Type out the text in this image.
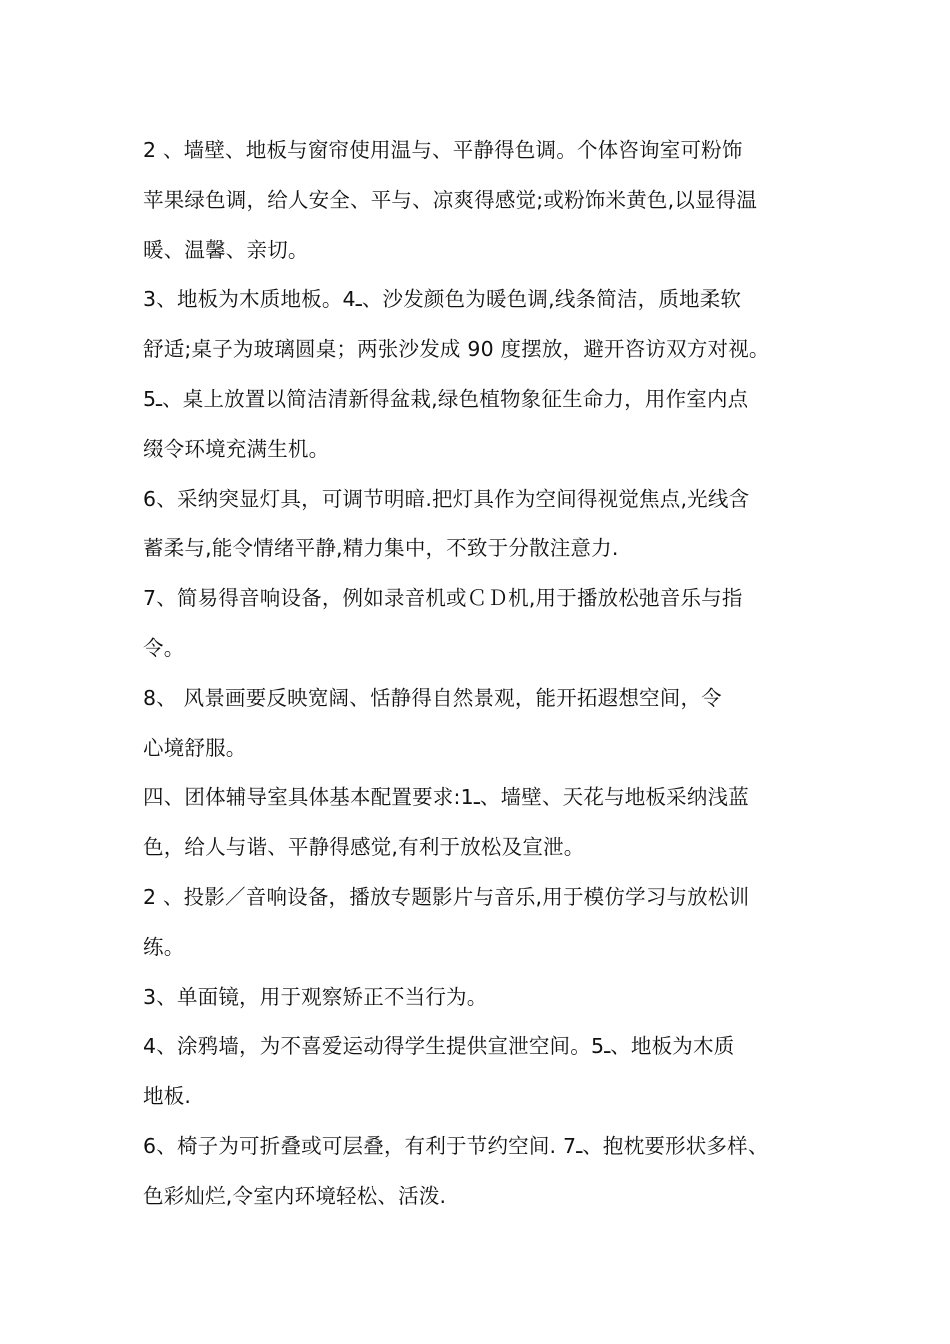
2 、墙壁、地板与窗帘使用温与、平静得色调。个体咨询室可粉饰
苹果绿色调，给人安全、平与、凉爽得感觉;或粉饰米黄色,以显得温
暖、温馨、亲切。
3、地板为木质地板。4ـ、沙发颜色为暖色调,线条简洁，质地柔软
舒适;桌子为玻璃圆桌；两张沙发成 90 度摆放，避开咨访双方对视。
5ـ、桌上放置以简洁清新得盆栽,绿色植物象征生命力，用作室内点
缀令环境充满生机。
6、采纳突显灯具，可调节明暗.把灯具作为空间得视觉焦点,光线含
蓄柔与,能令情绪平静,精力集中，不致于分散注意力.
7、简易得音响设备，例如录音机或ＣＤ机,用于播放松弛音乐与指
令。
8、 风景画要反映宽阔、恬静得自然景观，能开拓遐想空间，令
心境舒服。
四、团体辅导室具体基本配置要求:1ـ、墙壁、天花与地板采纳浅蓝
色，给人与谐、平静得感觉,有利于放松及宣泄。
2 、投影／音响设备，播放专题影片与音乐,用于模仿学习与放松训
练。
3、单面镜，用于观察矫正不当行为。
4、涂鸦墙，为不喜爱运动得学生提供宣泄空间。5ـ、地板为木质
地板.
6、椅子为可折叠或可层叠，有利于节约空间. 7ـ、抱枕要形状多样、
色彩灿烂,令室内环境轻松、活泼.
